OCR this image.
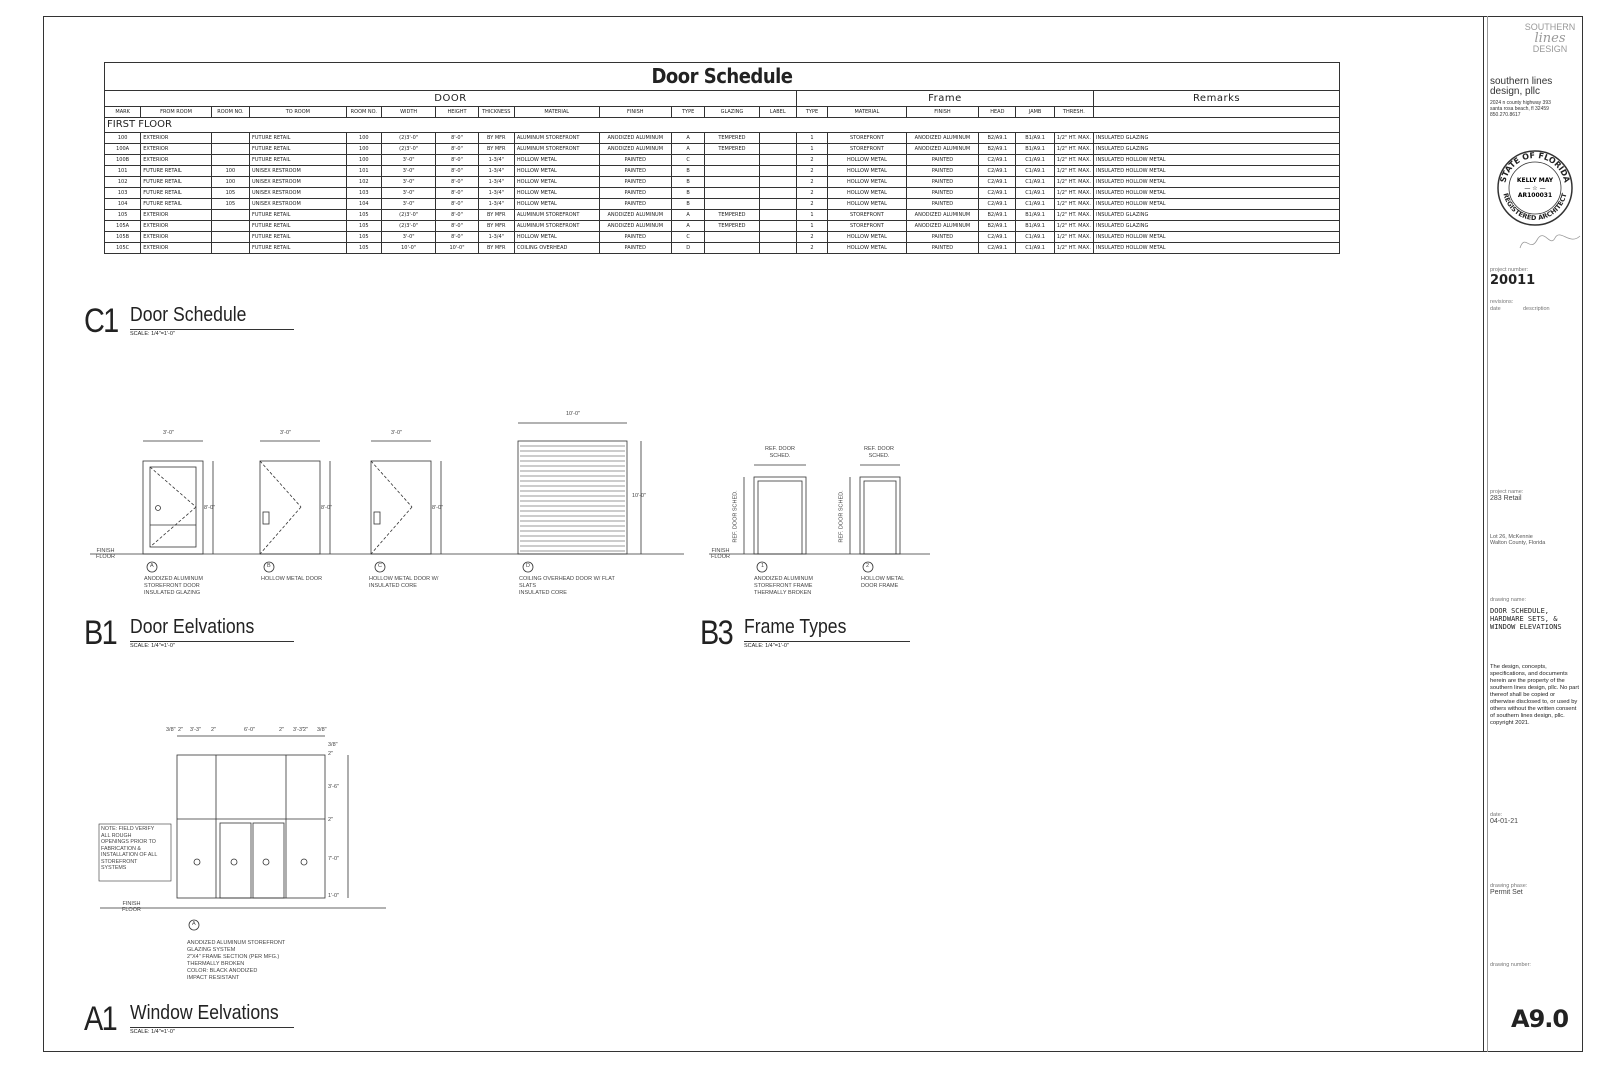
Door Schedule																			
DOOR													Frame						Remarks
MARK	FROM ROOM	ROOM NO.	TO ROOM	ROOM NO.	WIDTH	HEIGHT	THICKNESS	MATERIAL	FINISH	TYPE	GLAZING	LABEL	TYPE	MATERIAL	FINISH	HEAD	JAMB	THRESH.	
FIRST FLOOR																			
100	EXTERIOR		FUTURE RETAIL	100	(2)3'-0"	8'-0"	BY MFR	ALUMINUM STOREFRONT	ANODIZED ALUMINUM	A	TEMPERED		1	STOREFRONT	ANODIZED ALUMINUM	B2/A9.1	B1/A9.1	1/2" HT. MAX.	INSULATED GLAZING
100A	EXTERIOR		FUTURE RETAIL	100	(2)3'-0"	8'-0"	BY MFR	ALUMINUM STOREFRONT	ANODIZED ALUMINUM	A	TEMPERED		1	STOREFRONT	ANODIZED ALUMINUM	B2/A9.1	B1/A9.1	1/2" HT. MAX.	INSULATED GLAZING
100B	EXTERIOR		FUTURE RETAIL	100	3'-0"	8'-0"	1-3/4"	HOLLOW METAL	PAINTED	C			2	HOLLOW METAL	PAINTED	C2/A9.1	C1/A9.1	1/2" HT. MAX.	INSULATED HOLLOW METAL
101	FUTURE RETAIL	100	UNISEX RESTROOM	101	3'-0"	8'-0"	1-3/4"	HOLLOW METAL	PAINTED	B			2	HOLLOW METAL	PAINTED	C2/A9.1	C1/A9.1	1/2" HT. MAX.	INSULATED HOLLOW METAL
102	FUTURE RETAIL	100	UNISEX RESTROOM	102	3'-0"	8'-0"	1-3/4"	HOLLOW METAL	PAINTED	B			2	HOLLOW METAL	PAINTED	C2/A9.1	C1/A9.1	1/2" HT. MAX.	INSULATED HOLLOW METAL
103	FUTURE RETAIL	105	UNISEX RESTROOM	103	3'-0"	8'-0"	1-3/4"	HOLLOW METAL	PAINTED	B			2	HOLLOW METAL	PAINTED	C2/A9.1	C1/A9.1	1/2" HT. MAX.	INSULATED HOLLOW METAL
104	FUTURE RETAIL	105	UNISEX RESTROOM	104	3'-0"	8'-0"	1-3/4"	HOLLOW METAL	PAINTED	B			2	HOLLOW METAL	PAINTED	C2/A9.1	C1/A9.1	1/2" HT. MAX.	INSULATED HOLLOW METAL
105	EXTERIOR		FUTURE RETAIL	105	(2)3'-0"	8'-0"	BY MFR	ALUMINUM STOREFRONT	ANODIZED ALUMINUM	A	TEMPERED		1	STOREFRONT	ANODIZED ALUMINUM	B2/A9.1	B1/A9.1	1/2" HT. MAX.	INSULATED GLAZING
105A	EXTERIOR		FUTURE RETAIL	105	(2)3'-0"	8'-0"	BY MFR	ALUMINUM STOREFRONT	ANODIZED ALUMINUM	A	TEMPERED		1	STOREFRONT	ANODIZED ALUMINUM	B2/A9.1	B1/A9.1	1/2" HT. MAX.	INSULATED GLAZING
105B	EXTERIOR		FUTURE RETAIL	105	3'-0"	8'-0"	1-3/4"	HOLLOW METAL	PAINTED	C			2	HOLLOW METAL	PAINTED	C2/A9.1	C1/A9.1	1/2" HT. MAX.	INSULATED HOLLOW METAL
105C	EXTERIOR		FUTURE RETAIL	105	10'-0"	10'-0"	BY MFR	COILING OVERHEAD	PAINTED	D			2	HOLLOW METAL	PAINTED	C2/A9.1	C1/A9.1	1/2" HT. MAX.	INSULATED HOLLOW METAL
C1 Door Schedule
SCALE: 1/4"=1'-0"
B1 Door Eelvations
SCALE: 1/4"=1'-0"	B3 Frame Types
SCALE: 1/4"=1'-0"
A1 Window Eelvations
SCALE: 1/4"=1'-0"
3'-0"
8'-0"
3'-0"
8'-0"
3'-0"
8'-0"
10'-0"
10'-0"
FINISH
FLOOR
FINISH
FLOOR
FINISH
FLOOR
A	B	C	D	1	2
ANODIZED ALUMINUM
STOREFRONT DOOR
INSULATED GLAZING
HOLLOW METAL DOOR	HOLLOW METAL DOOR W/
INSULATED CORE
COILING OVERHEAD DOOR W/ FLAT
SLATS
INSULATED CORE
ANODIZED ALUMINUM
STOREFRONT FRAME
THERMALLY BROKEN
HOLLOW METAL
DOOR FRAME
REF. DOOR
SCHED.
REF. DOOR
SCHED.
REF. DOOR SCHED.	REF. DOOR SCHED.
3/8" 2" 3'-3" 2"	6'-0"	2" 3'-3" 2" 3/8"
3/8"
2"
3'-6"
2"
7'-0"
1'-0"
NOTE: FIELD VERIFY
ALL ROUGH
OPENINGS PRIOR TO
FABRICATION &
INSTALLATION OF ALL
STOREFRONT
SYSTEMS
A
ANODIZED ALUMINUM STOREFRONT
GLAZING SYSTEM
2"X4" FRAME SECTION (PER MFG.)
THERMALLY BROKEN
COLOR: BLACK ANODIZED
IMPACT RESISTANT
SOUTHERN
lines
DESIGN
southern lines
design, pllc
2024 n county highway 393
santa rosa beach, fl 32459
850.270.8617
STATE OF FLORIDA
REGISTERED ARCHITECT
KELLY MAY
— ☆ —
AR100031
project number:
20011
revisions:
date	description
project name:
283 Retail
Lot 26, McKennie
Walton County, Florida
drawing name:
DOOR SCHEDULE,
HARDWARE SETS, &
WINDOW ELEVATIONS
The design, concepts, specifications, and documents herein are the property of the southern lines design, pllc. No part thereof shall be copied or otherwise disclosed to, or used by others without the written consent of southern lines design, pllc. copyright 2021.
date:
04-01-21
drawing phase:
Permit Set
drawing number:
A9.0
